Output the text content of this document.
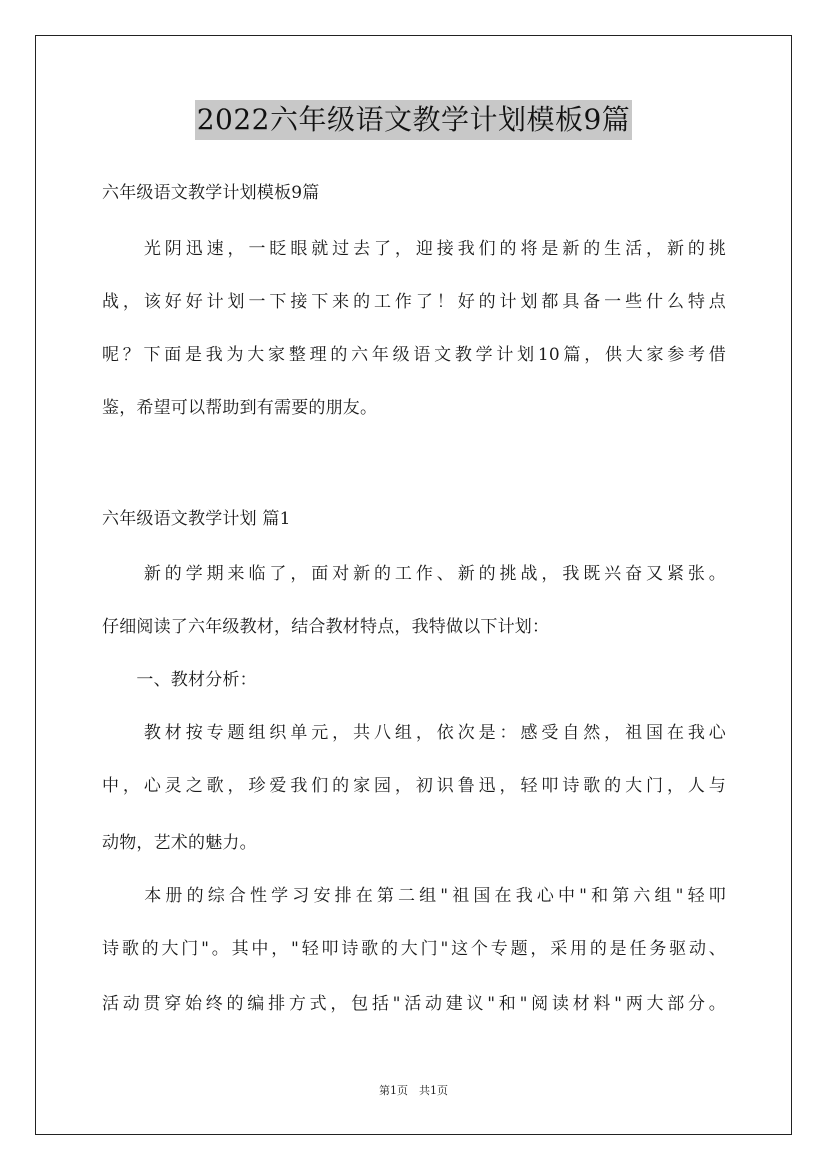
2022六年级语文教学计划模板9篇
六年级语文教学计划模板9篇
　　光阴迅速，一眨眼就过去了，迎接我们的将是新的生活，新的挑
战，该好好计划一下接下来的工作了！好的计划都具备一些什么特点
呢？下面是我为大家整理的六年级语文教学计划10篇，供大家参考借
鉴，希望可以帮助到有需要的朋友。
六年级语文教学计划 篇1
　　新的学期来临了，面对新的工作、新的挑战，我既兴奋又紧张。
仔细阅读了六年级教材，结合教材特点，我特做以下计划：
　　一、教材分析：
　　教材按专题组织单元，共八组，依次是：感受自然，祖国在我心
中，心灵之歌，珍爱我们的家园，初识鲁迅，轻叩诗歌的大门，人与
动物，艺术的魅力。
　　本册的综合性学习安排在第二组"祖国在我心中"和第六组"轻叩
诗歌的大门"。其中，"轻叩诗歌的大门"这个专题，采用的是任务驱动、
活动贯穿始终的编排方式，包括"活动建议"和"阅读材料"两大部分。
第1页　共1页
